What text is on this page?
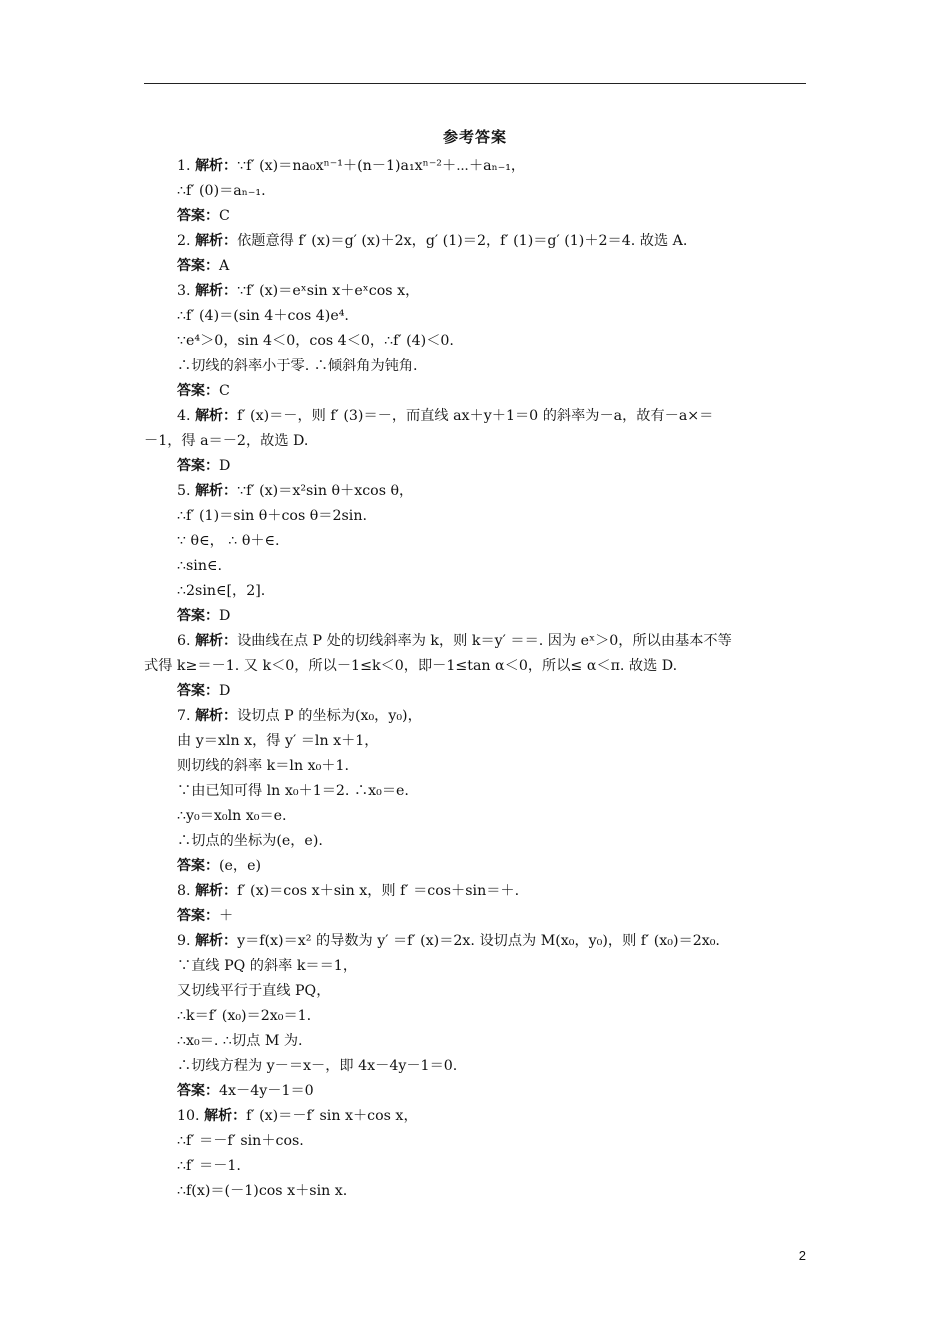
参考答案
1. 解析：∵f′ (x)＝na₀xⁿ⁻¹＋(n－1)a₁xⁿ⁻²＋⋯＋aₙ₋₁，
∴f′ (0)＝aₙ₋₁.
答案：C
2. 解析：依题意得 f′ (x)＝g′ (x)＋2x，g′ (1)＝2，f′ (1)＝g′ (1)＋2＝4. 故选 A.
答案：A
3. 解析：∵f′ (x)＝eˣsin x＋eˣcos x，
∴f′ (4)＝(sin 4＋cos 4)e⁴.
∵e⁴＞0，sin 4＜0，cos 4＜0，∴f′ (4)＜0.
∴切线的斜率小于零. ∴倾斜角为钝角.
答案：C
4. 解析：f′ (x)＝－，则 f′ (3)＝－，而直线 ax＋y＋1＝0 的斜率为－a，故有－a×＝
－1，得 a＝－2，故选 D.
答案：D
5. 解析：∵f′ (x)＝x²sin θ＋xcos θ，
∴f′ (1)＝sin θ＋cos θ＝2sin.
∵ θ∈， ∴ θ＋∈.
∴sin∈.
∴2sin∈[，2].
答案：D
6. 解析：设曲线在点 P 处的切线斜率为 k，则 k＝y′ ＝＝. 因为 eˣ＞0，所以由基本不等
式得 k≥＝－1. 又 k＜0，所以－1≤k＜0，即－1≤tan α＜0，所以≤ α＜π. 故选 D.
答案：D
7. 解析：设切点 P 的坐标为(x₀，y₀)，
由 y＝xln x，得 y′ ＝ln x＋1，
则切线的斜率 k＝ln x₀＋1.
∵由已知可得 ln x₀＋1＝2. ∴x₀＝e.
∴y₀＝x₀ln x₀＝e.
∴切点的坐标为(e，e).
答案：(e，e)
8. 解析：f′ (x)＝cos x＋sin x，则 f′ ＝cos＋sin＝＋.
答案：＋
9. 解析：y＝f(x)＝x² 的导数为 y′ ＝f′ (x)＝2x. 设切点为 M(x₀，y₀)，则 f′ (x₀)＝2x₀.
∵直线 PQ 的斜率 k＝＝1，
又切线平行于直线 PQ，
∴k＝f′ (x₀)＝2x₀＝1.
∴x₀＝. ∴切点 M 为.
∴切线方程为 y－＝x－，即 4x－4y－1＝0.
答案：4x－4y－1＝0
10. 解析：f′ (x)＝－f′ sin x＋cos x，
∴f′ ＝－f′ sin＋cos.
∴f′ ＝－1.
∴f(x)＝(－1)cos x＋sin x.
2
